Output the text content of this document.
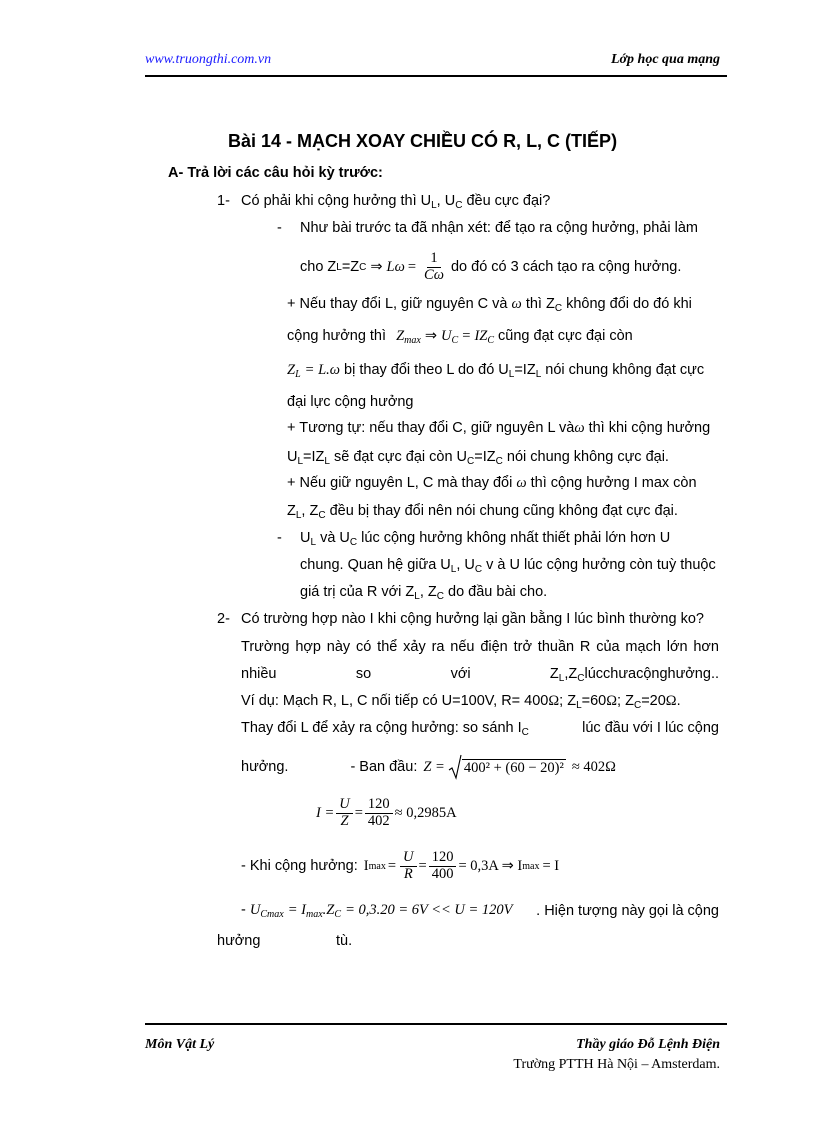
www.truongthi.com.vn	Lớp học qua mạng
Bài 14 - MẠCH XOAY CHIỀU CÓ R, L, C (TIẾP)
A- Trả lời các câu hỏi kỳ trước:
1- Có phải khi cộng hưởng thì $U_L$, $U_C$ đều cực đại?
- Như bài trước ta đã nhận xét: để tạo ra cộng hưởng, phải làm
cho Z L =Z C ⇒ $L\omega = \frac{1}{C\omega}$ do đó có 3 cách tạo ra cộng hưởng.
+ Nếu thay đổi L, giữ nguyên C và ω thì $Z_C$ không đổi do đó khi
cộng hưởng thì $Z_{max}$ ⇒ $U_C = IZ_C$ cũng đạt cực đại còn
$Z_L = L.\omega$ bị thay đổi theo L do đó $U_L=IZ_L$ nói chung không đạt cực
đại lực cộng hưởng
+ Tương tự: nếu thay đổi C, giữ nguyên L vàω thì khi cộng hưởng
$U_L=IZ_L$ sẽ đạt cực đại còn $U_C=IZ_C$ nói chung không cực đại.
+ Nếu giữ nguyên L, C mà thay đổi ω thì cộng hưởng I max còn
$Z_L$, $Z_C$ đều bị thay đổi nên nói chung cũng không đạt cực đại.
- $U_L$ và $U_C$ lúc cộng hưởng không nhất thiết phải lớn hơn U
chung. Quan hệ giữa $U_L$, $U_C$ v à U lúc cộng hưởng còn tuỳ thuộc
giá trị của R với $Z_L$, $Z_C$ do đầu bài cho.
2- Có trường hợp nào I khi cộng hưởng lại gần bằng I lúc bình thường ko?
Trường hợp này có thể xảy ra nếu điện trở thuần R của mạch lớn hơn
nhiều	so	với	$Z_L,Z_Clúcchưacộnghưởng$..
Ví dụ: Mạch R, L, C nối tiếp có U=100V, R= 400Ω; $Z_L=60\Omega$; $Z_C=20\Omega$.
Thay đổi L để xảy ra cộng hưởng: so sánh $I_C$	lúc đầu với I lúc cộng
hưởng.	- Ban đầu: Z = 400² + (60 − 20)² ≈ 402Ω
$I = \frac{U}{Z} = \frac{120}{402} \approx 0,2985A$
- Khi cộng hưởng: I $\max = \frac{U}{R} = \frac{120}{400} = 0,3A$ ⇒ I max = I
- $U_{Cmax} = I_{max}.Z_C = 0,3.20 = 6V << U = 120V$ . Hiện tượng này gọi là cộng
hưởng	tù.
Môn Vật Lý	Thầy giáo Đỗ Lệnh Điện
Trường PTTH Hà Nội – Amsterdam.
